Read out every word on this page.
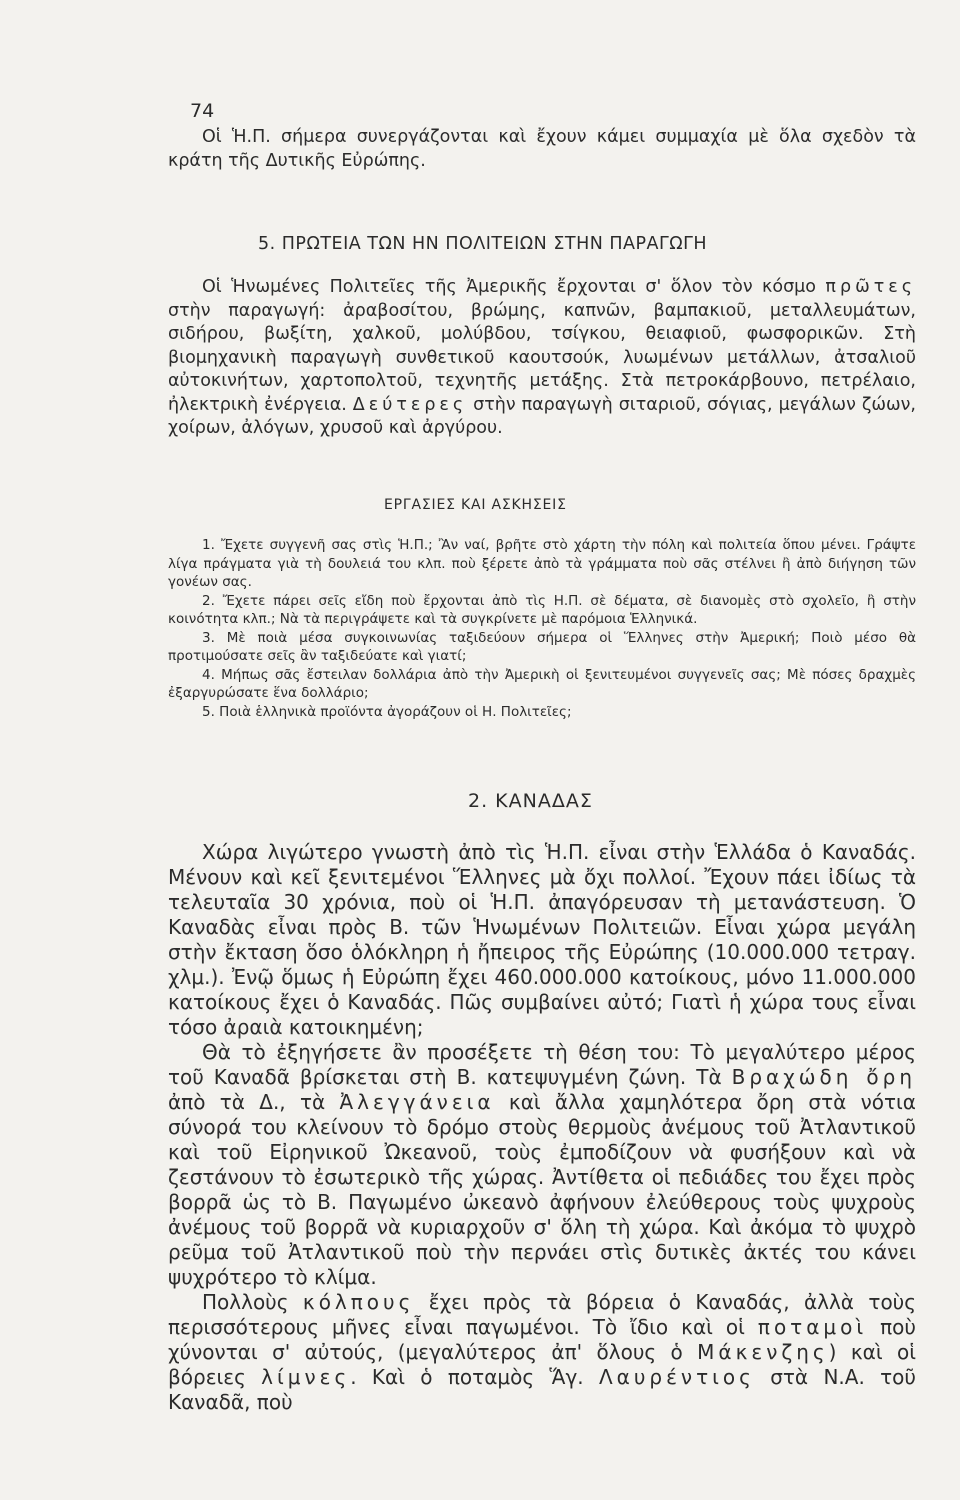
74

Οἱ Ἡ.Π. σήμερα συνεργάζονται καὶ ἔχουν κάμει συμμαχία μὲ ὅλα σχεδὸν τὰ κράτη τῆς Δυτικῆς Εὐρώπης.

5. ΠΡΩΤΕΙΑ ΤΩΝ ΗΝ ΠΟΛΙΤΕΙΩΝ ΣΤΗΝ ΠΑΡΑΓΩΓΗ

Οἱ Ἡνωμένες Πολιτεῖες τῆς Ἀμερικῆς ἔρχονται σ' ὅλον τὸν κόσμο πρῶτες στὴν παραγωγή: ἀραβοσίτου, βρώμης, καπνῶν, βαμπακιοῦ, μεταλλευμάτων, σιδήρου, βωξίτη, χαλκοῦ, μολύβδου, τσίγκου, θειαφιοῦ, φωσφορικῶν. Στὴ βιομηχανικὴ παραγωγὴ συνθετικοῦ καουτσούκ, λυωμένων μετάλλων, ἀτσαλιοῦ αὐτοκινήτων, χαρτοπολτοῦ, τεχνητῆς μετάξης. Στὰ πετροκάρβουνο, πετρέλαιο, ἠλεκτρικὴ ἐνέργεια. Δεύτερες στὴν παραγωγὴ σιταριοῦ, σόγιας, μεγάλων ζώων, χοίρων, ἀλόγων, χρυσοῦ καὶ ἀργύρου.

ΕΡΓΑΣΙΕΣ ΚΑΙ ΑΣΚΗΣΕΙΣ

1. Ἔχετε συγγενῆ σας στὶς Ἡ.Π.; Ἂν ναί, βρῆτε στὸ χάρτη τὴν πόλη καὶ πολιτεία ὅπου μένει. Γράψτε λίγα πράγματα γιὰ τὴ δουλειά του κλπ. ποὺ ξέρετε ἀπὸ τὰ γράμματα ποὺ σᾶς στέλνει ἢ ἀπὸ διήγηση τῶν γονέων σας.

2. Ἔχετε πάρει σεῖς εἴδη ποὺ ἔρχονται ἀπὸ τὶς Η.Π. σὲ δέματα, σὲ διανομὲς στὸ σχολεῖο, ἢ στὴν κοινότητα κλπ.; Νὰ τὰ περιγράψετε καὶ τὰ συγκρίνετε μὲ παρόμοια Ἑλληνικά.

3. Μὲ ποιὰ μέσα συγκοινωνίας ταξιδεύουν σήμερα οἱ Ἕλληνες στὴν Ἀμερική; Ποιὸ μέσο θὰ προτιμούσατε σεῖς ἂν ταξιδεύατε καὶ γιατί;

4. Μήπως σᾶς ἔστειλαν δολλάρια ἀπὸ τὴν Ἀμερικὴ οἱ ξενιτευμένοι συγγενεῖς σας; Μὲ πόσες δραχμὲς ἐξαργυρώσατε ἕνα δολλάριο;

5. Ποιὰ ἑλληνικὰ προϊόντα ἀγοράζουν οἱ Η. Πολιτεῖες;

2. ΚΑΝΑΔΑΣ

Χώρα λιγώτερο γνωστὴ ἀπὸ τὶς Ἡ.Π. εἶναι στὴν Ἑλλάδα ὁ Καναδάς. Μένουν καὶ κεῖ ξενιτεμένοι Ἕλληνες μὰ ὄχι πολλοί. Ἔχουν πάει ἰδίως τὰ τελευταῖα 30 χρόνια, ποὺ οἱ Ἡ.Π. ἀπαγόρευσαν τὴ μετανάστευση. Ὁ Καναδὰς εἶναι πρὸς Β. τῶν Ἡνωμένων Πολιτειῶν. Εἶναι χώρα μεγάλη στὴν ἔκταση ὅσο ὁλόκληρη ἡ ἤπειρος τῆς Εὐρώπης (10.000.000 τετραγ. χλμ.). Ἐνῷ ὅμως ἡ Εὐρώπη ἔχει 460.000.000 κατοίκους, μόνο 11.000.000 κατοίκους ἔχει ὁ Καναδάς. Πῶς συμβαίνει αὐτό; Γιατὶ ἡ χώρα τους εἶναι τόσο ἀραιὰ κατοικημένη;

Θὰ τὸ ἐξηγήσετε ἂν προσέξετε τὴ θέση του: Τὸ μεγαλύτερο μέρος τοῦ Καναδᾶ βρίσκεται στὴ Β. κατεψυγμένη ζώνη. Τὰ Βραχώδη ὄρη ἀπὸ τὰ Δ., τὰ Ἀλεγγάνεια καὶ ἄλλα χαμηλότερα ὄρη στὰ νότια σύνορά του κλείνουν τὸ δρόμο στοὺς θερμοὺς ἀνέμους τοῦ Ἀτλαντικοῦ καὶ τοῦ Εἰρηνικοῦ Ὠκεανοῦ, τοὺς ἐμποδίζουν νὰ φυσήξουν καὶ νὰ ζεστάνουν τὸ ἐσωτερικὸ τῆς χώρας. Ἀντίθετα οἱ πεδιάδες του ἔχει πρὸς βορρᾶ ὡς τὸ Β. Παγωμένο ὠκεανὸ ἀφήνουν ἐλεύθερους τοὺς ψυχροὺς ἀνέμους τοῦ βορρᾶ νὰ κυριαρχοῦν σ' ὅλη τὴ χώρα. Καὶ ἀκόμα τὸ ψυχρὸ ρεῦμα τοῦ Ἀτλαντικοῦ ποὺ τὴν περνάει στὶς δυτικὲς ἀκτές του κάνει ψυχρότερο τὸ κλίμα.

Πολλοὺς κόλπους ἔχει πρὸς τὰ βόρεια ὁ Καναδάς, ἀλλὰ τοὺς περισσότερους μῆνες εἶναι παγωμένοι. Τὸ ἴδιο καὶ οἱ ποταμοὶ ποὺ χύνονται σ' αὐτούς, (μεγαλύτερος ἀπ' ὅλους ὁ Μάκενζης) καὶ οἱ βόρειες λίμνες. Καὶ ὁ ποταμὸς Ἅγ. Λαυρέντιος στὰ Ν.Α. τοῦ Καναδᾶ, ποὺ
